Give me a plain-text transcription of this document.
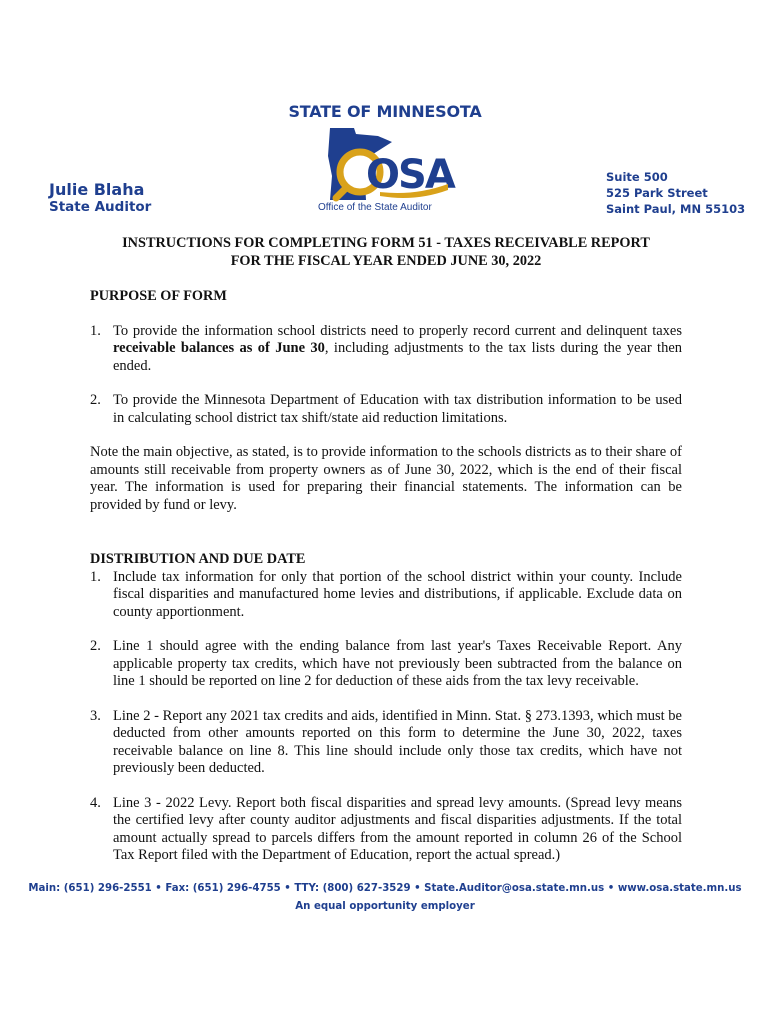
STATE OF MINNESOTA
OSA
Office of the State Auditor
Julie Blaha
State Auditor
Suite 500
525 Park Street
Saint Paul, MN 55103
INSTRUCTIONS FOR COMPLETING FORM 51 - TAXES RECEIVABLE REPORT
FOR THE FISCAL YEAR ENDED JUNE 30, 2022
PURPOSE OF FORM
1. To provide the information school districts need to properly record current and delinquent taxes receivable balances as of June 30, including adjustments to the tax lists during the year then ended.
2. To provide the Minnesota Department of Education with tax distribution information to be used in calculating school district tax shift/state aid reduction limitations.

Note the main objective, as stated, is to provide information to the schools districts as to their share of amounts still receivable from property owners as of June 30, 2022, which is the end of their fiscal year. The information is used for preparing their financial statements. The information can be provided by fund or levy.

DISTRIBUTION AND DUE DATE
1. Include tax information for only that portion of the school district within your county. Include fiscal disparities and manufactured home levies and distributions, if applicable. Exclude data on county apportionment.
2. Line 1 should agree with the ending balance from last year's Taxes Receivable Report. Any applicable property tax credits, which have not previously been subtracted from the balance on line 1 should be reported on line 2 for deduction of these aids from the tax levy receivable.
3. Line 2 - Report any 2021 tax credits and aids, identified in Minn. Stat. § 273.1393, which must be deducted from other amounts reported on this form to determine the June 30, 2022, taxes receivable balance on line 8. This line should include only those tax credits, which have not previously been deducted.
4. Line 3 - 2022 Levy. Report both fiscal disparities and spread levy amounts. (Spread levy means the certified levy after county auditor adjustments and fiscal disparities adjustments. If the total amount actually spread to parcels differs from the amount reported in column 26 of the School Tax Report filed with the Department of Education, report the actual spread.)
Main: (651) 296-2551 • Fax: (651) 296-4755 • TTY: (800) 627-3529 • State.Auditor@osa.state.mn.us • www.osa.state.mn.us
An equal opportunity employer
